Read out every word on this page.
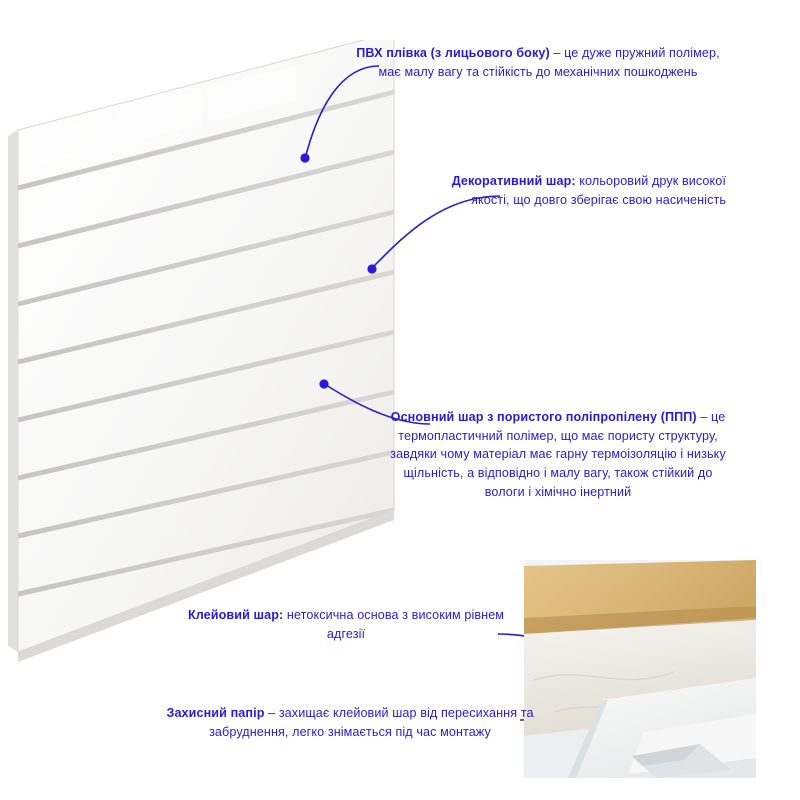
ПВХ плівка (з лицьового боку) – це дуже пружний полімер, має малу вагу та стійкість до механічних пошкоджень
Декоративний шар: кольоровий друк високої якості, що довго зберігає свою насиченість
Основний шар з пористого поліпропілену (ППП) – це термопластичний полімер, що має пористу структуру, завдяки чому матеріал має гарну термоізоляцію і низьку щільність, а відповідно і малу вагу, також стійкий до вологи і хімічно інертний
Клейовий шар: нетоксична основа з високим рівнем адгезії
Захисний папір – захищає клейовий шар від пересихання та забруднення, легко знімається під час монтажу
